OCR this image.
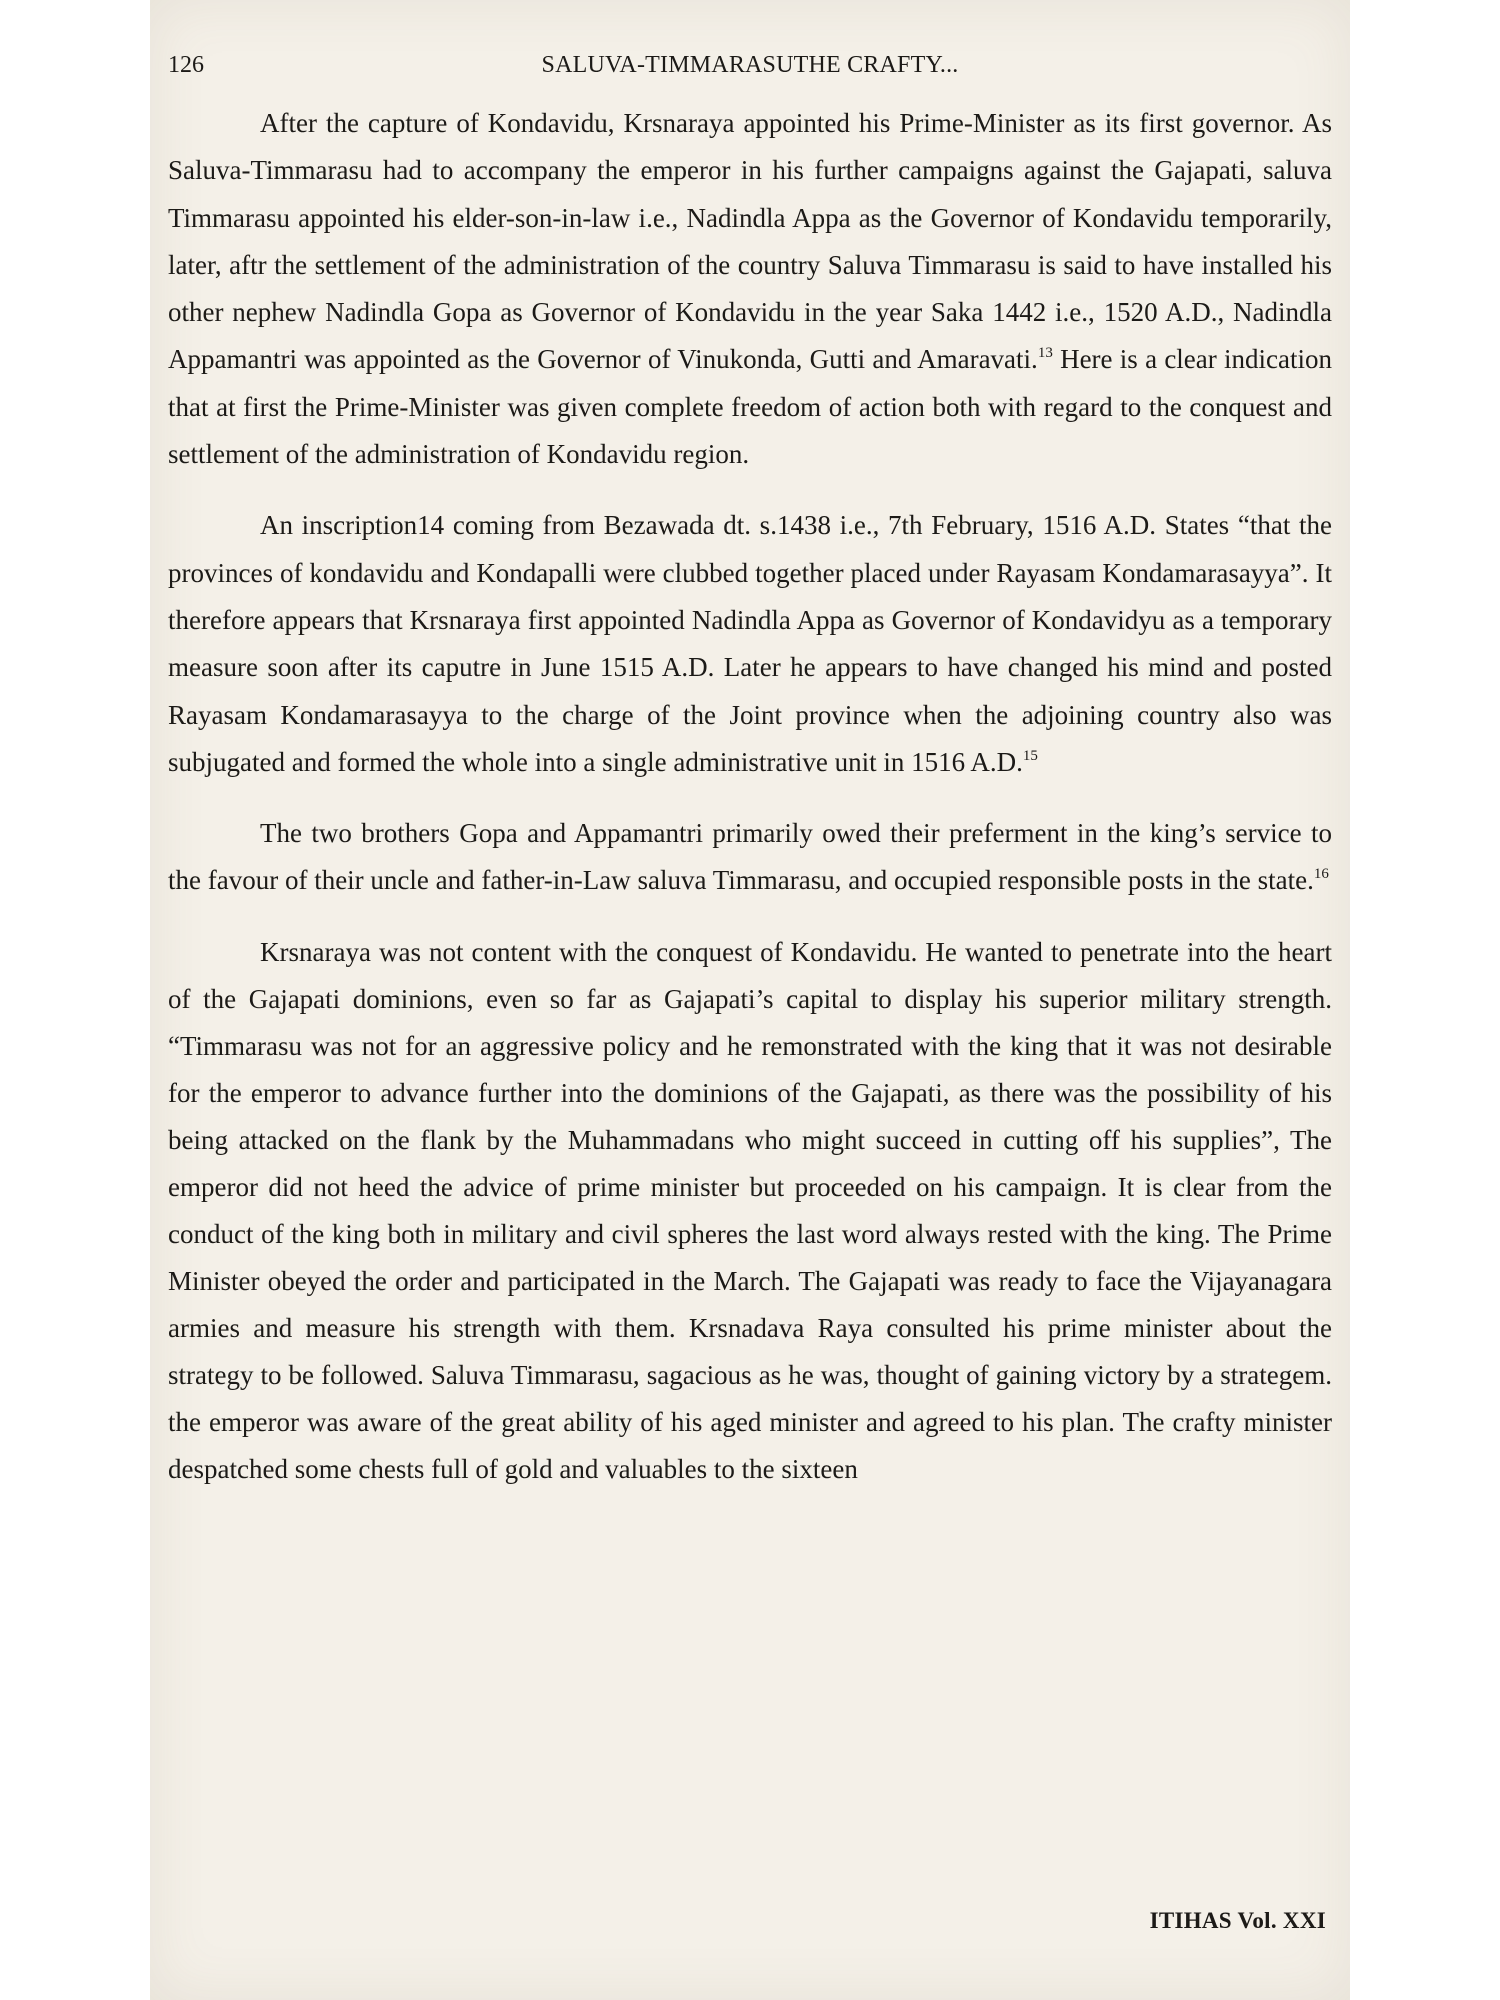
126	SALUVA-TIMMARASUTHE CRAFTY...

After the capture of Kondavidu, Krsnaraya appointed his Prime-Minister as its first governor. As Saluva-Timmarasu had to accompany the emperor in his further campaigns against the Gajapati, saluva Timmarasu appointed his elder-son-in-law i.e., Nadindla Appa as the Governor of Kondavidu temporarily, later, aftr the settlement of the administration of the country Saluva Timmarasu is said to have installed his other nephew Nadindla Gopa as Governor of Kondavidu in the year Saka 1442 i.e., 1520 A.D., Nadindla Appamantri was appointed as the Governor of Vinukonda, Gutti and Amaravati.$^{13}$ Here is a clear indication that at first the Prime-Minister was given complete freedom of action both with regard to the conquest and settlement of the administration of Kondavidu region.

An inscription14 coming from Bezawada dt. s.1438 i.e., 7th February, 1516 A.D. States “that the provinces of kondavidu and Kondapalli were clubbed together placed under Rayasam Kondamarasayya”. It therefore appears that Krsnaraya first appointed Nadindla Appa as Governor of Kondavidyu as a temporary measure soon after its caputre in June 1515 A.D. Later he appears to have changed his mind and posted Rayasam Kondamarasayya to the charge of the Joint province when the adjoining country also was subjugated and formed the whole into a single administrative unit in 1516 A.D.$^{15}$

The two brothers Gopa and Appamantri primarily owed their preferment in the king’s service to the favour of their uncle and father-in-Law saluva Timmarasu, and occupied responsible posts in the state.$^{16}$

Krsnaraya was not content with the conquest of Kondavidu. He wanted to penetrate into the heart of the Gajapati dominions, even so far as Gajapati’s capital to display his superior military strength. “Timmarasu was not for an aggressive policy and he remonstrated with the king that it was not desirable for the emperor to advance further into the dominions of the Gajapati, as there was the possibility of his being attacked on the flank by the Muhammadans who might succeed in cutting off his supplies”, The emperor did not heed the advice of prime minister but proceeded on his campaign. It is clear from the conduct of the king both in military and civil spheres the last word always rested with the king. The Prime Minister obeyed the order and participated in the March. The Gajapati was ready to face the Vijayanagara armies and measure his strength with them. Krsnadava Raya consulted his prime minister about the strategy to be followed. Saluva Timmarasu, sagacious as he was, thought of gaining victory by a strategem. the emperor was aware of the great ability of his aged minister and agreed to his plan. The crafty minister despatched some chests full of gold and valuables to the sixteen

ITIHAS Vol. XXI
